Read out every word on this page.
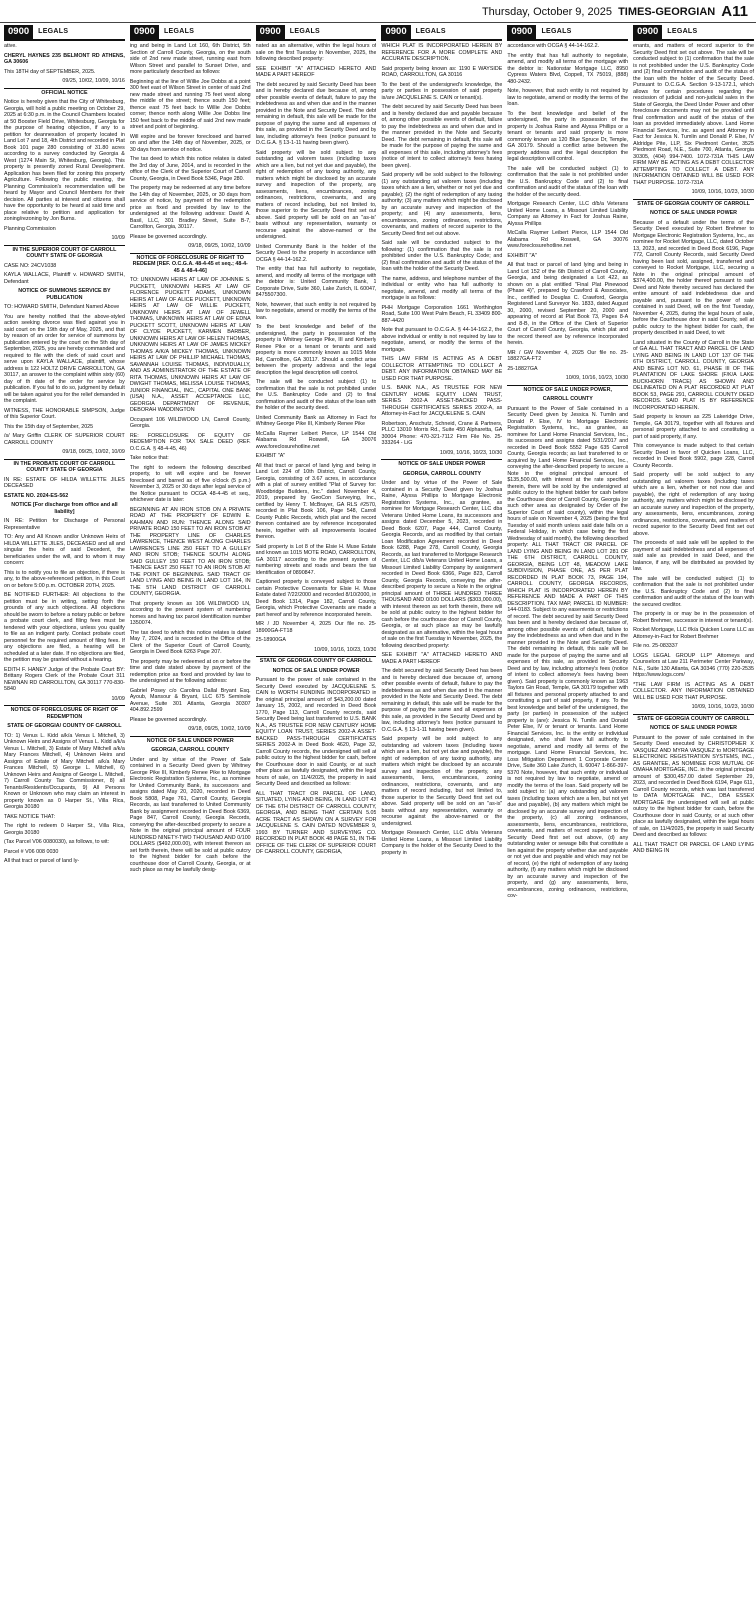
Thursday, October 9, 2025 TIMES-GEORGIAN A11
0900	LEGALS

ative.

CHERYL HAYNES 235 BELMONT RD ATHENS, GA 30606

This 18TH day of SEPTEMBER, 2025.

09/25, 10/02, 10/09, 10/16

OFFICIAL NOTICE

Notice is hereby given that the City of Whitesburg, Georgia, will hold a public meeting on October 29, 2025 at 6:30 p.m. in the Council Chambers located at 50 Booster Field Drive, Whitesburg, Georgia for the purpose of hearing objection, if any to a petition for deannexation of property located in Land Lot 7 and 18, 4th District and recorded in Plat Book 101 page 280 consisting of 31.80 acres according to a survey conducted by Georgia & West (1274 Main St, Whitesburg, Georgia). This property is presently zoned Rural Development. Application has been filed for zoning this property Agriculture. Following the public meeting, the Planning Commission's recommendation will be heard by Mayor and Council Members for their decision. All parties at interest and citizens shall have the opportunity to be heard at said time and place relative to petition and application for zoning/rezoning by Jon Burns.

Planning Commission

10/09

IN THE SUPERIOR COURT OF CARROLL COUNTY STATE OF GEORGIA

CASE NO: 24CV1038

KAYLA WALLACE, Plaintiff v. HOWARD SMITH, Defendant

NOTICE OF SUMMONS SERVICE BY PUBLICATION

TO: HOWARD SMITH, Defendant Named Above

You are hereby notified that the above-styled action seeking divorce was filed against you in said court on the 19th day of May, 2025, and that by reason of an order for service of summons by publication entered by the court on the 5th day of September, 2025, you are hereby commanded and required to file with the clerk of said court and serve upon KAYLA WALLACE, plaintiff, whose address is 122 HOLTZ DRIVE CARROLLTON, GA 30117, an answer to the complaint within sixty (60) day of th date of the order for service by publication. If you fail to do so, judgment by default will be taken against you for the relief demanded in the complaint.

WITNESS, THE HONORABLE SIMPSON, Judge of this Superior Court.

This the 15th day of September, 2025

/s/ Mary Griffin CLERK OF SUPERIOR COURT CARROLL COUNTY

09/18, 09/25, 10/02, 10/09

IN THE PROBATE COURT OF CARROLL COUNTY STATE OF GEORGIA

IN RE: ESTATE OF HILDA WILLETTE JILES DECEASED

ESTATE NO. 2024-ES-562

NOTICE [For discharge from office and all liability]

IN RE: Petition for Discharge of Personal Representative

TO: Any and All Known and/or Unknown Heirs of HILDA WILLETTE JILES, DECEASED and all and singular the heirs of said Decedent, the beneficiaries under the will, and to whom it may concern:

This is to notify you to file an objection, if there is any, to the above-referenced petition, in this Court on or before 5:00 p.m. OCTOBER 20TH, 2025.

BE NOTIFIED FURTHER: All objections to the petition must be in writing, setting forth the grounds of any such objections. All objections should be sworn to before a notary public or before a probate court clerk, and filing fees must be tendered with your objections, unless you qualify to file as an indigent party. Contact probate court personnel for the required amount of filing fees. If any objections are filed, a hearing will be scheduled at a later date. If no objections are filed, the petition may be granted without a hearing.

EDITH F. HANEY Judge of the Probate Court BY: Brittany Rogers Clerk of the Probate Court 311 NEWNAN RD CARROLLTON, GA 30117 770-830-5840

10/09

NOTICE OF FORECLOSURE OF RIGHT OF REDEMPTION

STATE OF GEORGIA/ COUNTY OF CARROLL

TO: 1) Venus L. Kidd a/k/a Venus L Mitchell, 3) Unknown Heirs and Assigns of Venus L. Kidd a/k/a Venus L. Mitchell, 3) Estate of Mary Mitchell a/k/a Mary Frances Mitchell, 4) Unknown Heirs and Assigns of Estate of Mary Mitchell a/k/a Mary Frances Mitchell, 5) George L. Mitchell, 6) Unknown Heirs and Assigns of George L. Mitchell, 7) Carroll County Tax Commissioner, 8) all Tenants/Residents/Occupants, 9) All Persons Known or Unknown who may claim an interest in property known as 0 Harper St., Villa Rica, Georgia 30180

TAKE NOTICE THAT:

The right to redeem 0 Harper St., Villa Rica, Georgia 30180

(Tax Parcel V06 0080030), as follows, to wit:

Parcel # V06 008 0030

All that tract or parcel of land ly-

0900	LEGALS

ing and being in Land Lot 160, 6th District, 5th Section of Carroll County, Georgia, on the south side of 2nd new made street, running east from Wilson Street and parallel to Sunset Drive, and more particularly described as follows:

Beginning at the line of Willie Joe Dobbs at a point 300 feet east of Wilson Street in center of said 2nd new made street and running 75 feet west along the middle of the street; thence south 150 feet; thence east 75 feet back to Willie Joe Dobbs corner; thence north along Willie Joe Dobbs line 150 feet back to the middle of said 2nd new made street and point of beginning.

Will expire and be forever foreclosed and barred on and after the 14th day of November, 2025, or 30 days from service of notice.

The tax deed to which this notice relates is dated the 3rd day of June, 2014, and is recorded in the office of the Clerk of the Superior Court of Carroll County, Georgia, in Deed Book 5346, Page 280.

The property may be redeemed at any time before the 14th day of November, 2025, or 30 days from service of notice, by payment of the redemption price as fixed and provided by law to the undersigned at the following address: David A. Basil, LLC, 301 Bradley Street, Suite B-7, Carrollton, Georgia, 30117.

Please be governed accordingly.

09/18, 09/25, 10/02, 10/09

NOTICE OF FORECLOSURE OF RIGHT TO REDEEM [REF. O.C.G.A. 48-4-45 et seq.; 48-4-45 & 48-4-46]

TO: UNKNOWN HEIRS AT LAW OF JOHNNIE S. PUCKETT, UNKNOWN HEIRS AT LAW OF FLORENCE PUCKETT ADAMS, UNKNOWN HEIRS AT LAW OF ALICE PUCKETT, UNKNOWN HEIRS AT LAW OF WILLIE PUCKETT, UNKNOWN HEIRS AT LAW OF JEWELL THOMAS, UNKNOWN HEIRS AT LAW OF EDNA PUCKETT SCOTT, UNKNOWN HEIRS AT LAW OF CLYDE PUCKETT, KARMEN BARBER, UNKNOWN HEIRS AT LAW OF HELEN THOMAS, UNKNOWN HEIRS AT LAW OF JAMES MICKEY THOMAS A/K/A MICKEY THOMAS, UNKNOWN HEIRS AT LAW OF PHILLIP MICHAEL THOMAS, SAVANNAH LOUISE THOMAS, INDIVIDUALLY, AND AS ADMINISTRATOR OF THE ESTATE OF RITA THOMAS, UNKNOWN HEIRS AT LAW OF DWIGHT THOMAS, MELISSA LOUISE THOMAS, JUNIOR FINANCIAL, INC., CAPITAL ONE BANK (USA) N.A., ASSET ACCEPTANCE LLC, GEORGIA DEPARTMENT OF REVENUE, DEBORAH WADDINGTON

Occupant 106 WILDWOOD LN, Carroll County, Georgia.

RE: FORECLOSURE OF EQUITY OF REDEMPTION FOR TAX SALE DEED (REF. O.C.G.A. § 48-4-45, 46)

Take notice that:

The right to redeem the following described property, to wit will expire and be forever foreclosed and barred as of five o'clock (5 p.m.) November 3, 2025 or 30 days after legal service of the Notice pursuant to OCGA 48-4-45 et seq., whichever date is later:

BEGINNING AT AN IRON STOB ON A PRIVATE ROAD AT THE PROPERTY OF EDWIN E. KAHMAN AND RUN: THENCE ALONG SAID PRIVATE ROAD 150 FEET TO AN IRON STOB AT THE PROPERTY LINE OF CHARLES LAWRENCE, THENCE WEST ALONG CHARLES LAWRENCE'S LINE 250 FEET TO A GULLEY AND IRON STOB; THENCE SOUTH ALONG SAID GULLEY 150 FEET TO AN IRON STOB; THENCE EAST 250 FEET TO AN IRON STOB AT THE POINT OF BEGINNING. SAID TRACT OF LAND LYING AND BEING IN LAND LOT 164, IN THE 5TH LAND DISTRICT OF CARROLL COUNTY, GEORGIA.

That property known as 106 WILDWOOD LN, according to the present system of numbering homes and having tax parcel identification number 1350074.

The tax deed to which this notice relates is dated May 7, 2024, and is recorded in the Office of the Clerk of the Superior Court of Carroll County, Georgia in Deed Book 6263 Page 207.

The property may be redeemed at on or before the time and date stated above by payment of the redemption price as fixed and provided by law to the undersigned at the following address:

Gabriel Posey c/o Carolina Dallal Bryant Esq. Ayoub, Mansour & Bryant, LLC 675 Seminole Avenue, Suite 301 Atlanta, Georgia 30307 404.892.2599

Please be governed accordingly.

09/18, 09/25, 10/02, 10/09

NOTICE OF SALE UNDER POWER

GEORGIA, CARROLL COUNTY

Under and by virtue of the Power of Sale contained in a Security Deed given by Whitney George Pike III, Kimberly Renee Pike to Mortgage Electronic Registration Systems, Inc., as nominee for United Community Bank, its successors and assigns dated May 20, 2020, recorded in Deed Book 5808, Page 761, Carroll County, Georgia Records, as last transferred to United Community Bank by assignment recorded in Deed Book 6369, Page 847, Carroll County, Georgia Records, conveying the after-described property to secure a Note in the original principal amount of FOUR HUNDRED NINETY-TWO THOUSAND AND 0/100 DOLLARS ($492,000.00), with interest thereon as set forth therein, there will be sold at public outcry to the highest bidder for cash before the courthouse door of Carroll County, Georgia, or at such place as may be lawfully desig-

0900	LEGALS

nated as an alternative, within the legal hours of sale on the first Tuesday in November, 2025, the following described property:

SEE EXHIBIT "A" ATTACHED HERETO AND MADE A PART HEREOF

The debt secured by said Security Deed has been and is hereby declared due because of, among other possible events of default, failure to pay the indebtedness as and when due and in the manner provided in the Note and Security Deed. The debt remaining in default, this sale will be made for the purpose of paying the same and all expenses of this sale, as provided in the Security Deed and by law, including attorney's fees (notice pursuant to O.C.G.A. § 13-1-11 having been given).

Said property will be sold subject to any outstanding ad valorem taxes (including taxes which are a lien, but not yet due and payable), the right of redemption of any taxing authority, any matters which might be disclosed by an accurate survey and inspection of the property, any assessments, liens, encumbrances, zoning ordinances, restrictions, covenants, and any matters of record including, but not limited to, those superior to the Security Deed first set out above. Said property will be sold on an "as-is" basis without any representation, warranty or recourse against the above-named or the undersigned.

United Community Bank is the holder of the Security Deed to the property in accordance with OCGA § 44-14-162.2.

The entity that has full authority to negotiate, amend, and modify all terms of the mortgage with the debtor is: United Community Bank, 1 Corporate Drive, Suite 360, Lake Zurich, IL 60047, 8475507300.

Note, however, that such entity is not required by law to negotiate, amend or modify the terms of the loan.

To the best knowledge and belief of the undersigned, the party in possession of the property is Whitney George Pike, III and Kimberly Renee Pike or a tenant or tenants and said property is more commonly known as 1015 Mote Rd, Carrollton, GA 30117. Should a conflict arise between the property address and the legal description the legal description will control.

The sale will be conducted subject (1) to confirmation that the sale is not prohibited under the U.S. Bankruptcy Code and (2) to final confirmation and audit of the status of the loan with the holder of the security deed.

United Community Bank as Attorney in Fact for Whitney George Pike III, Kimberly Renee Pike

McCalla Raymer Leibert Pierce, LP 1544 Old Alabama Rd Roswell, GA 30076 www.foreclosurehotline.net

EXHIBIT "A"

All that tract or parcel of land lying and being in Land Lot 224 of 10th District, Carroll County, Georgia, consisting of 3.67 acres, in accordance with a plat of survey entitled "Plat of Survey for: Woodbridge Builders, Inc." dated November 4, 2019, prepared by GeoCon Surveying, Inc., certified by Henry T. McBrayer, GA RLS #2570, recorded in Plat Book 106, Page 548, Carroll County Public Records, which plat and the record thereon contained are by reference incorporated herein, together with all improvements located thereon.

Said property is Lot 8 of the Elsie H. Muse Estate and known as 1015 MOTE ROAD, CARROLLTON, GA 30117 according to the present system of numbering streets and roads and bears the tax identification of 0890847.

Captioned property is conveyed subject to those certain Protective Covenants for Elsie H. Muse Estate dated 7/22/2000 and recorded 8/10/2000, in Deed Book 1314, Page 182, Carroll County, Georgia, which Protective Covenants are made a part hereof and by reference incorporated herein.

MR / JD November 4, 2025 Our file no. 25-18900GA-FT18

25-18900GA

10/09, 10/16, 10/23, 10/30

STATE OF GEORGIA COUNTY OF CARROLL

NOTICE OF SALE UNDER POWER

Pursuant to the power of sale contained in the Security Deed executed by JACQUELENE S. CAIN to WORTH FUNDING INCORPORATED in the original principal amount of $43,200.00 dated January 15, 2002, and recorded in Deed Book 1770, Page 113, Carroll County records, said Security Deed being last transferred to U.S. BANK N.A., AS TRUSTEE FOR NEW CENTURY HOME EQUITY LOAN TRUST, SERIES 2002-A ASSET-BACKED PASS-THROUGH CERTIFICATES SERIES 2002-A in Deed Book 4620, Page 32, Carroll County records, the undersigned will sell at public outcry to the highest bidder for cash, before the Courthouse door in said County, or at such other place as lawfully designated, within the legal hours of sale, on 11/4/2025, the property in said Security Deed and described as follows:

ALL THAT TRACT OR PARCEL OF LAND, SITUATED, LYING AND BEING, IN LAND LOT 43 OF THE 6TH DISTRICT OF CARROLL COUNTY, GEORGIA, AND BEING THAT CERTAIN 5.05 ACRE TRACT AS SHOWN ON A SURVEY FOR JACQUELENE S. CAIN DATED NOVEMBER 9, 1993 BY TURNER AND SURVEYING CO. RECORDED IN PLAT BOOK 48 PAGE 51, IN THE OFFICE OF THE CLERK OF SUPERIOR COURT OF CARROLL COUNTY, GEORGIA,

0900	LEGALS

WHICH PLAT IS INCORPORATED HEREIN BY REFERENCE FOR A MORE COMPLETE AND ACCURATE DESCRIPTION.

Said property being known as: 1190 E WAYSIDE ROAD, CARROLLTON, GA 30116

To the best of the undersigned's knowledge, the party or parties in possession of said property is/are JACQUELENE S. CAIN or tenant(s).

The debt secured by said Security Deed has been and is hereby declared due and payable because of, among other possible events of default, failure to pay the indebtedness as and when due and in the manner provided in the Note and Security Deed. The debt remaining in default, this sale will be made for the purpose of paying the same and all expenses of this sale, including attorney's fees (notice of intent to collect attorney's fees having been given).

Said property will be sold subject to the following: (1) any outstanding ad valorem taxes (including taxes which are a lien, whether or not yet due and payable); (2) the right of redemption of any taxing authority; (3) any matters which might be disclosed by an accurate survey and inspection of the property; and (4) any assessments, liens, encumbrances, zoning ordinances, restrictions, covenants, and matters of record superior to the Security Deed first set out above.

Said sale will be conducted subject to the following: (1) confirmation that the sale is not prohibited under the U.S. Bankruptcy Code; and (2) final confirmation and audit of the status of the loan with the holder of the Security Deed.

The name, address, and telephone number of the individual or entity who has full authority to negotiate, amend, and modify all terms of the mortgage is as follows:

PHH Mortgage Corporation 1661 Worthington Road, Suite 100 West Palm Beach, FL 33409 800-887-4420

Note that pursuant to O.C.G.A. § 44-14-162.2, the above individual or entity is not required by law to negotiate, amend, or modify the terms of the mortgage.

THIS LAW FIRM IS ACTING AS A DEBT COLLECTOR ATTEMPTING TO COLLECT A DEBT. ANY INFORMATION OBTAINED MAY BE USED FOR THAT PURPOSE.

U.S. BANK N.A., AS TRUSTEE FOR NEW CENTURY HOME EQUITY LOAN TRUST, SERIES 2002-A ASSET-BACKED PASS-THROUGH CERTIFICATES SERIES 2002-A, as Attorney-in-Fact for JACQUELENE S. CAIN

Robertson, Anschutz, Schneid, Crane & Partners, PLLC 13010 Morris Rd., Suite 450 Alpharetta, GA 30004 Phone: 470-321-7112 Firm File No. 25-333264 - LiG

10/09, 10/16, 10/23, 10/30

NOTICE OF SALE UNDER POWER

GEORGIA, CARROLL COUNTY

Under and by virtue of the Power of Sale contained in a Security Deed given by Joshua Raine, Alyssa Phillips to Mortgage Electronic Registration Systems, Inc., as grantee, as nominee for Mortgage Research Center, LLC dba Veterans United Home Loans, its successors and assigns dated December 5, 2023, recorded in Deed Book 6207, Page 444, Carroll County, Georgia Records, and as modified by that certain Loan Modification Agreement recorded in Deed Book 6288, Page 278, Carroll County, Georgia Records, as last transferred to Mortgage Research Center, LLC d/b/a Veterans United Home Loans, a Missouri Limited Liability Company by assignment recorded in Deed Book 6366, Page 823, Carroll County, Georgia Records, conveying the after-described property to secure a Note in the original principal amount of THREE HUNDRED THREE THOUSAND AND 0/100 DOLLARS ($303,000.00), with interest thereon as set forth therein, there will be sold at public outcry to the highest bidder for cash before the courthouse door of Carroll County, Georgia, or at such place as may be lawfully designated as an alternative, within the legal hours of sale on the first Tuesday in November, 2025, the following described property:

SEE EXHIBIT "A" ATTACHED HERETO AND MADE A PART HEREOF

The debt secured by said Security Deed has been and is hereby declared due because of, among other possible events of default, failure to pay the indebtedness as and when due and in the manner provided in the Note and Security Deed. The debt remaining in default, this sale will be made for the purpose of paying the same and all expenses of this sale, as provided in the Security Deed and by law, including attorney's fees (notice pursuant to O.C.G.A. § 13-1-11 having been given).

Said property will be sold subject to any outstanding ad valorem taxes (including taxes which are a lien, but not yet due and payable), the right of redemption of any taxing authority, any matters which might be disclosed by an accurate survey and inspection of the property, any assessments, liens, encumbrances, zoning ordinances, restrictions, covenants, and any matters of record including, but not limited to, those superior to the Security Deed first set out above. Said property will be sold on an "as-is" basis without any representation, warranty or recourse against the above-named or the undersigned.

Mortgage Research Center, LLC d/b/a Veterans United Home Loans, a Missouri Limited Liability Company is the holder of the Security Deed to the property in

0900	LEGALS

accordance with OCGA § 44-14-162.2.

The entity that has full authority to negotiate, amend, and modify all terms of the mortgage with the debtor is: Nationstar Mortgage LLC, 8950 Cypress Waters Blvd, Coppell, TX 75019, (888) 480-2432.

Note, however, that such entity is not required by law to negotiate, amend or modify the terms of the loan.

To the best knowledge and belief of the undersigned, the party in possession of the property is Joshua Raine and Alyssa Phillips or a tenant or tenants and said property is more commonly known as 120 Blue Spruce Dr, Temple, GA 30179. Should a conflict arise between the property address and the legal description the legal description will control.

The sale will be conducted subject (1) to confirmation that the sale is not prohibited under the U.S. Bankruptcy Code and (2) to final confirmation and audit of the status of the loan with the holder of the security deed.

Mortgage Research Center, LLC d/b/a Veterans United Home Loans, a Missouri Limited Liability Company as Attorney in Fact for Joshua Raine, Alyssa Phillips

McCalla Raymer Leibert Pierce, LLP 1544 Old Alabama Rd Roswell, GA 30076 www.foreclosurehotline.net

EXHIBIT "A"

All that tract or parcel of land lying and being in Land Lot 152 of the 6th District of Carroll County, Georgia, and being designated a Lot 422, as shown on a plat entitled "Final Plat Pinewood (Phase 4)", prepared by Crawford & Associates, Inc., certified to Douglas C. Crawford, Georgia Registered Land Surveyor No. 1833, dated August 30, 2000, revised September 20, 2000 and appearing of record at Plat Book 73, Pages 8-A and 8-B, in the Office of the Clerk of Superior Court of Carroll County, Georgia, which plat and the record thereof are by reference incorporated herein.

MR / GW November 4, 2025 Our file no. 25-18827GA-FT2

25-18827GA

10/09, 10/16, 10/23, 10/30

NOTICE OF SALE UNDER POWER,

CARROLL COUNTY

Pursuant to the Power of Sale contained in a Security Deed given by Jessica N. Tumlin and Donald P. Else, IV to Mortgage Electronic Registration Systems, Inc., as grantee, as nominee for Land Home Financial Services, Inc., its successors and assigns dated 5/31/2017 and recorded in Deed Book 5552 Page 635 Carroll County, Georgia records; as last transferred to or acquired by Land Home Financial Services, Inc., conveying the after-described property to secure a Note in the original principal amount of $135,500.00, with interest at the rate specified therein, there will be sold by the undersigned at public outcry to the highest bidder for cash before the Courthouse door of Carroll County, Georgia (or such other area as designated by Order of the Superior Court of said county), within the legal hours of sale on November 4, 2025 (being the first Tuesday of said month unless said date falls on a Federal Holiday, in which case being the first Wednesday of said month), the following described property: ALL THAT TRACT OR PARCEL OF LAND LYING AND BEING IN LAND LOT 281 OF THE 6TH DISTRICT, CARROLL COUNTY, GEORGIA, BEING LOT 48, MEADOW LAKE SUBDIVISION, PHASE ONE, AS PER PLAT RECORDED IN PLAT BOOK 73, PAGE 194, CARROLL COUNTY, GEORGIA RECORDS, WHICH PLAT IS INCORPORATED HEREIN BY REFERENCE AND MADE A PART OF THIS DESCRIPTION. TAX MAP, PARCEL ID NUMBER: 144-0183. Subject to any easements or restrictions of record. The debt secured by said Security Deed has been and is hereby declared due because of, among other possible events of default, failure to pay the indebtedness as and when due and in the manner provided in the Note and Security Deed. The debt remaining in default, this sale will be made for the purpose of paying the same and all expenses of this sale, as provided in Security Deed and by law, including attorney's fees (notice of intent to collect attorney's fees having been given). Said property is commonly known as 1963 Taylors Gin Road, Temple, GA 30179 together with all fixtures and personal property attached to and constituting a part of said property, if any. To the best knowledge and belief of the undersigned, the party (or parties) in possession of the subject property is (are): Jessica N. Tumlin and Donald Peter Else, IV or tenant or tenants. Land Home Financial Services, Inc. is the entity or individual designated, who shall have full authority to negotiate, amend and modify all terms of the mortgage. Land Home Financial Services, Inc. Loss Mitigation Department 1 Corporate Center Drive, Suite 360 Lake Zurich, IL 60047 1-866-397-5370 Note, however, that such entity or individual is not required by law to negotiate, amend or modify the terms of the loan. Said property will be sold subject to: (a) any outstanding ad valorem taxes (including taxes which are a lien, but not yet due and payable), (b) any matters which might be disclosed by an accurate survey and inspection of the property, (c) all zoning ordinances, assessments, liens, encumbrances, restrictions, covenants, and matters of record superior to the Security Deed first set out above, (d) any outstanding water or sewage bills that constitute a lien against the property whether due and payable or not yet due and payable and which may not be of record, (e) the right of redemption of any taxing authority, (f) any matters which might be disclosed by an accurate survey and inspection of the property, and (g) any assessments, liens, encumbrances, zoning ordinances, restrictions, cov-

0900	LEGALS

enants, and matters of record superior to the Security Deed first set out above. The sale will be conducted subject to (1) confirmation that the sale is not prohibited under the U.S. Bankruptcy Code and (2) final confirmation and audit of the status of the loan with the holder of the Security Deed. Pursuant to O.C.G.A. Section 9-13-172.1, which allows for certain procedures regarding the rescission of judicial and non-judicial sales in the State of Georgia, the Deed Under Power and other foreclosure documents may not be provided until final confirmation and audit of the status of the loan as provided immediately above. Land Home Financial Services, Inc. as agent and Attorney in Fact for Jessica N. Tumlin and Donald P. Else, IV Aldridge Pite, LLP, Six Piedmont Center, 3525 Piedmont Road, N.E., Suite 700, Atlanta, Georgia 30305, (404) 994-7400. 1072-731A THIS LAW FIRM MAY BE ACTING AS A DEBT COLLECTOR ATTEMPTING TO COLLECT A DEBT. ANY INFORMATION OBTAINED WILL BE USED FOR THAT PURPOSE. 1072-731A

10/09, 10/16, 10/23, 10/30

STATE OF GEORGIA COUNTY OF CARROLL

NOTICE OF SALE UNDER POWER

Because of a default under the terms of the Security Deed executed by Robert Brehmer to Mortgage Electronic Registration Systems, Inc., as nominee for Rocket Mortgage, LLC, dated October 13, 2023, and recorded in Deed Book 6196, Page 772, Carroll County Records, said Security Deed having been last sold, assigned, transferred and conveyed to Rocket Mortgage, LLC, securing a Note in the original principal amount of $374,400.00, the holder thereof pursuant to said Deed and Note thereby secured has declared the entire amount of said indebtedness due and payable and, pursuant to the power of sale contained in said Deed, will on the first Tuesday, November 4, 2025, during the legal hours of sale, before the Courthouse door in said County, sell at public outcry to the highest bidder for cash, the property described in said Deed, to wit:

Land situated in the County of Carroll in the State of GA ALL THAT TRACT AND PARCEL OF LAND LYING AND BEING IN LAND LOT 137 OF THE 6TH DISTRICT, CARROLL COUNTY, GEORGIA AND BEING LOT NO. 61, PHASE III OF THE PLANTATION OF LAKE SHORE (F/K/A LAKE BUCKHORN TRACE) AS SHOWN AND DELINEATED ON A PLAT RECORDED AT PLAT BOOK 53, PAGE 291, CARROLL COUNTY DEED RECORDS. SAID PLAT IS BY REFERENCE INCORPORATED HEREIN.

Said property is known as 225 Lakeridge Drive, Temple, GA 30179, together with all fixtures and personal property attached to and constituting a part of said property, if any.

This conveyance is made subject to that certain Security Deed in favor of Quicken Loans, LLC, recorded in Deed Book 5902, page 228, Carroll County Records.

Said property will be sold subject to any outstanding ad valorem taxes (including taxes which are a lien, whether or not now due and payable), the right of redemption of any taxing authority, any matters which might be disclosed by an accurate survey and inspection of the property, any assessments, liens, encumbrances, zoning ordinances, restrictions, covenants, and matters of record superior to the Security Deed first set out above.

The proceeds of said sale will be applied to the payment of said indebtedness and all expenses of said sale as provided in said Deed, and the balance, if any, will be distributed as provided by law.

The sale will be conducted subject (1) to confirmation that the sale is not prohibited under the U.S. Bankruptcy Code and (2) to final confirmation and audit of the status of the loan with the secured creditor.

The property is or may be in the possession of Robert Brehmer, successor in interest or tenant(s).

Rocket Mortgage, LLC f/k/a Quicken Loans LLC as Attorney-in-Fact for Robert Brehmer

File no. 25-083337

LOGS LEGAL GROUP LLP* Attorneys and Counselors at Law 211 Perimeter Center Parkway, N.E., Suite 130 Atlanta, GA 30346 (770) 220-2535 https://www.logs.com/

*THE LAW FIRM IS ACTING AS A DEBT COLLECTOR. ANY INFORMATION OBTAINED WILL BE USED FOR THAT PURPOSE.

10/09, 10/16, 10/23, 10/30

STATE OF GEORGIA COUNTY OF CARROLL

NOTICE OF SALE UNDER POWER

Pursuant to the power of sale contained in the Security Deed executed by CHRISTOPHER X VASQUEZ AND MYRA VASQUEZ to MORTGAGE ELECTRONIC REGISTRATION SYSTEMS, INC., AS GRANTEE, AS NOMINEE FOR MUTUAL OF OMAHA MORTGAGE, INC. in the original principal amount of $300,457.00 dated September 29, 2023, and recorded in Deed Book 6194, Page 611, Carroll County records, which was last transferred to DATA MORTGAGE INC., DBA ESSEX MORTGAGE the undersigned will sell at public outcry to the highest bidder for cash, before the Courthouse door in said County, or at such other place as lawfully designated, within the legal hours of sale, on 11/4/2025, the property in said Security Deed and described as follows:

ALL THAT TRACT OR PARCEL OF LAND LYING AND BEING IN
